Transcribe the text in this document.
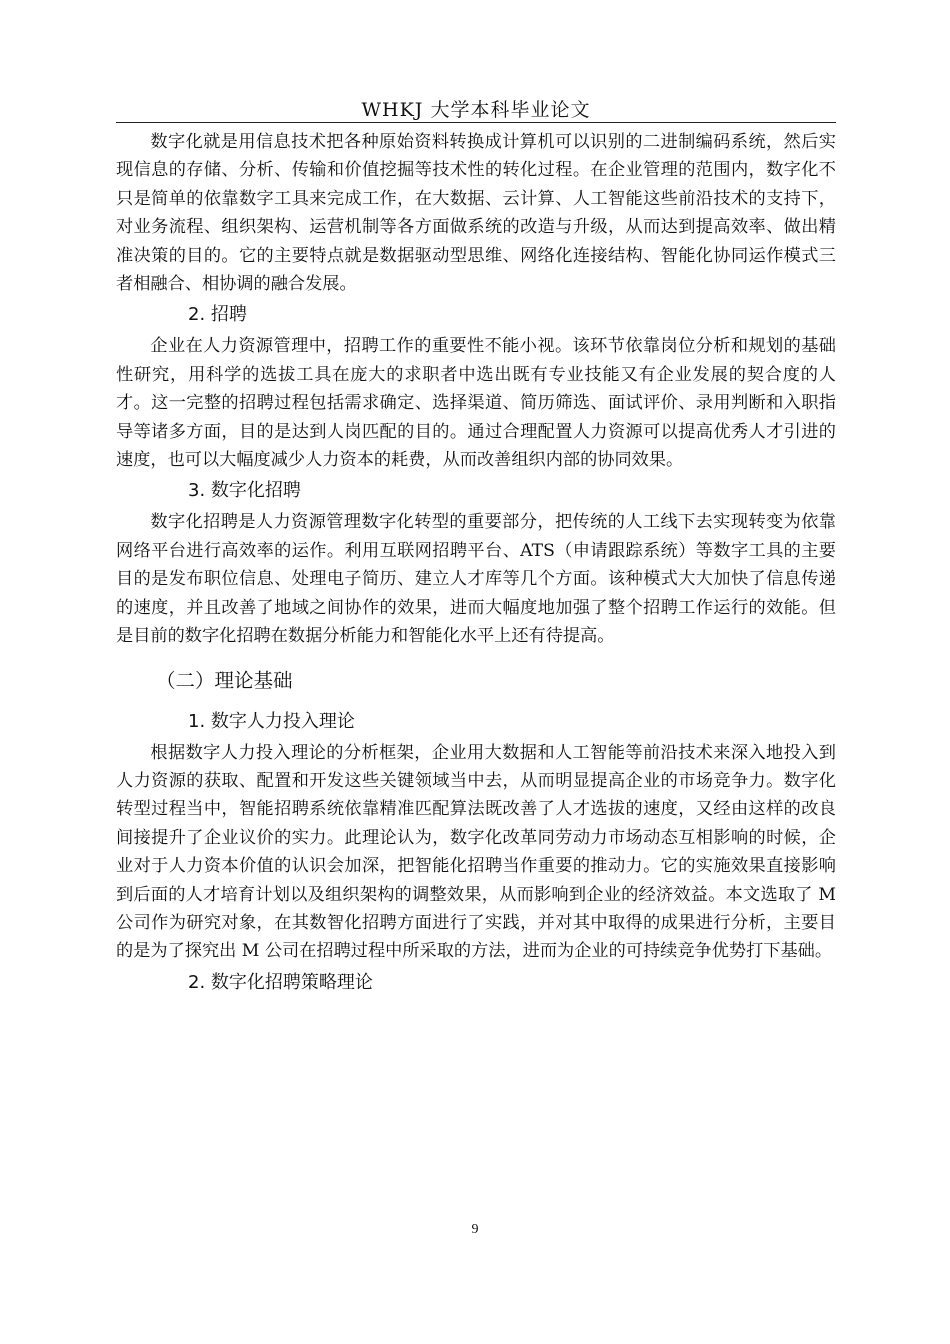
WHKJ 大学本科毕业论文

数字化就是用信息技术把各种原始资料转换成计算机可以识别的二进制编码系统，然后实现信息的存储、分析、传输和价值挖掘等技术性的转化过程。在企业管理的范围内，数字化不只是简单的依靠数字工具来完成工作，在大数据、云计算、人工智能这些前沿技术的支持下，对业务流程、组织架构、运营机制等各方面做系统的改造与升级，从而达到提高效率、做出精准决策的目的。它的主要特点就是数据驱动型思维、网络化连接结构、智能化协同运作模式三者相融合、相协调的融合发展。

2. 招聘

企业在人力资源管理中，招聘工作的重要性不能小视。该环节依靠岗位分析和规划的基础性研究，用科学的选拔工具在庞大的求职者中选出既有专业技能又有企业发展的契合度的人才。这一完整的招聘过程包括需求确定、选择渠道、简历筛选、面试评价、录用判断和入职指导等诸多方面，目的是达到人岗匹配的目的。通过合理配置人力资源可以提高优秀人才引进的速度，也可以大幅度减少人力资本的耗费，从而改善组织内部的协同效果。

3. 数字化招聘

数字化招聘是人力资源管理数字化转型的重要部分，把传统的人工线下去实现转变为依靠网络平台进行高效率的运作。利用互联网招聘平台、ATS（申请跟踪系统）等数字工具的主要目的是发布职位信息、处理电子简历、建立人才库等几个方面。该种模式大大加快了信息传递的速度，并且改善了地域之间协作的效果，进而大幅度地加强了整个招聘工作运行的效能。但是目前的数字化招聘在数据分析能力和智能化水平上还有待提高。

（二）理论基础
1. 数字人力投入理论

根据数字人力投入理论的分析框架，企业用大数据和人工智能等前沿技术来深入地投入到人力资源的获取、配置和开发这些关键领域当中去，从而明显提高企业的市场竞争力。数字化转型过程当中，智能招聘系统依靠精准匹配算法既改善了人才选拔的速度，又经由这样的改良间接提升了企业议价的实力。此理论认为，数字化改革同劳动力市场动态互相影响的时候，企业对于人力资本价值的认识会加深，把智能化招聘当作重要的推动力。它的实施效果直接影响到后面的人才培育计划以及组织架构的调整效果，从而影响到企业的经济效益。本文选取了 M 公司作为研究对象，在其数智化招聘方面进行了实践，并对其中取得的成果进行分析，主要目的是为了探究出 M 公司在招聘过程中所采取的方法，进而为企业的可持续竞争优势打下基础。

2. 数字化招聘策略理论
9
